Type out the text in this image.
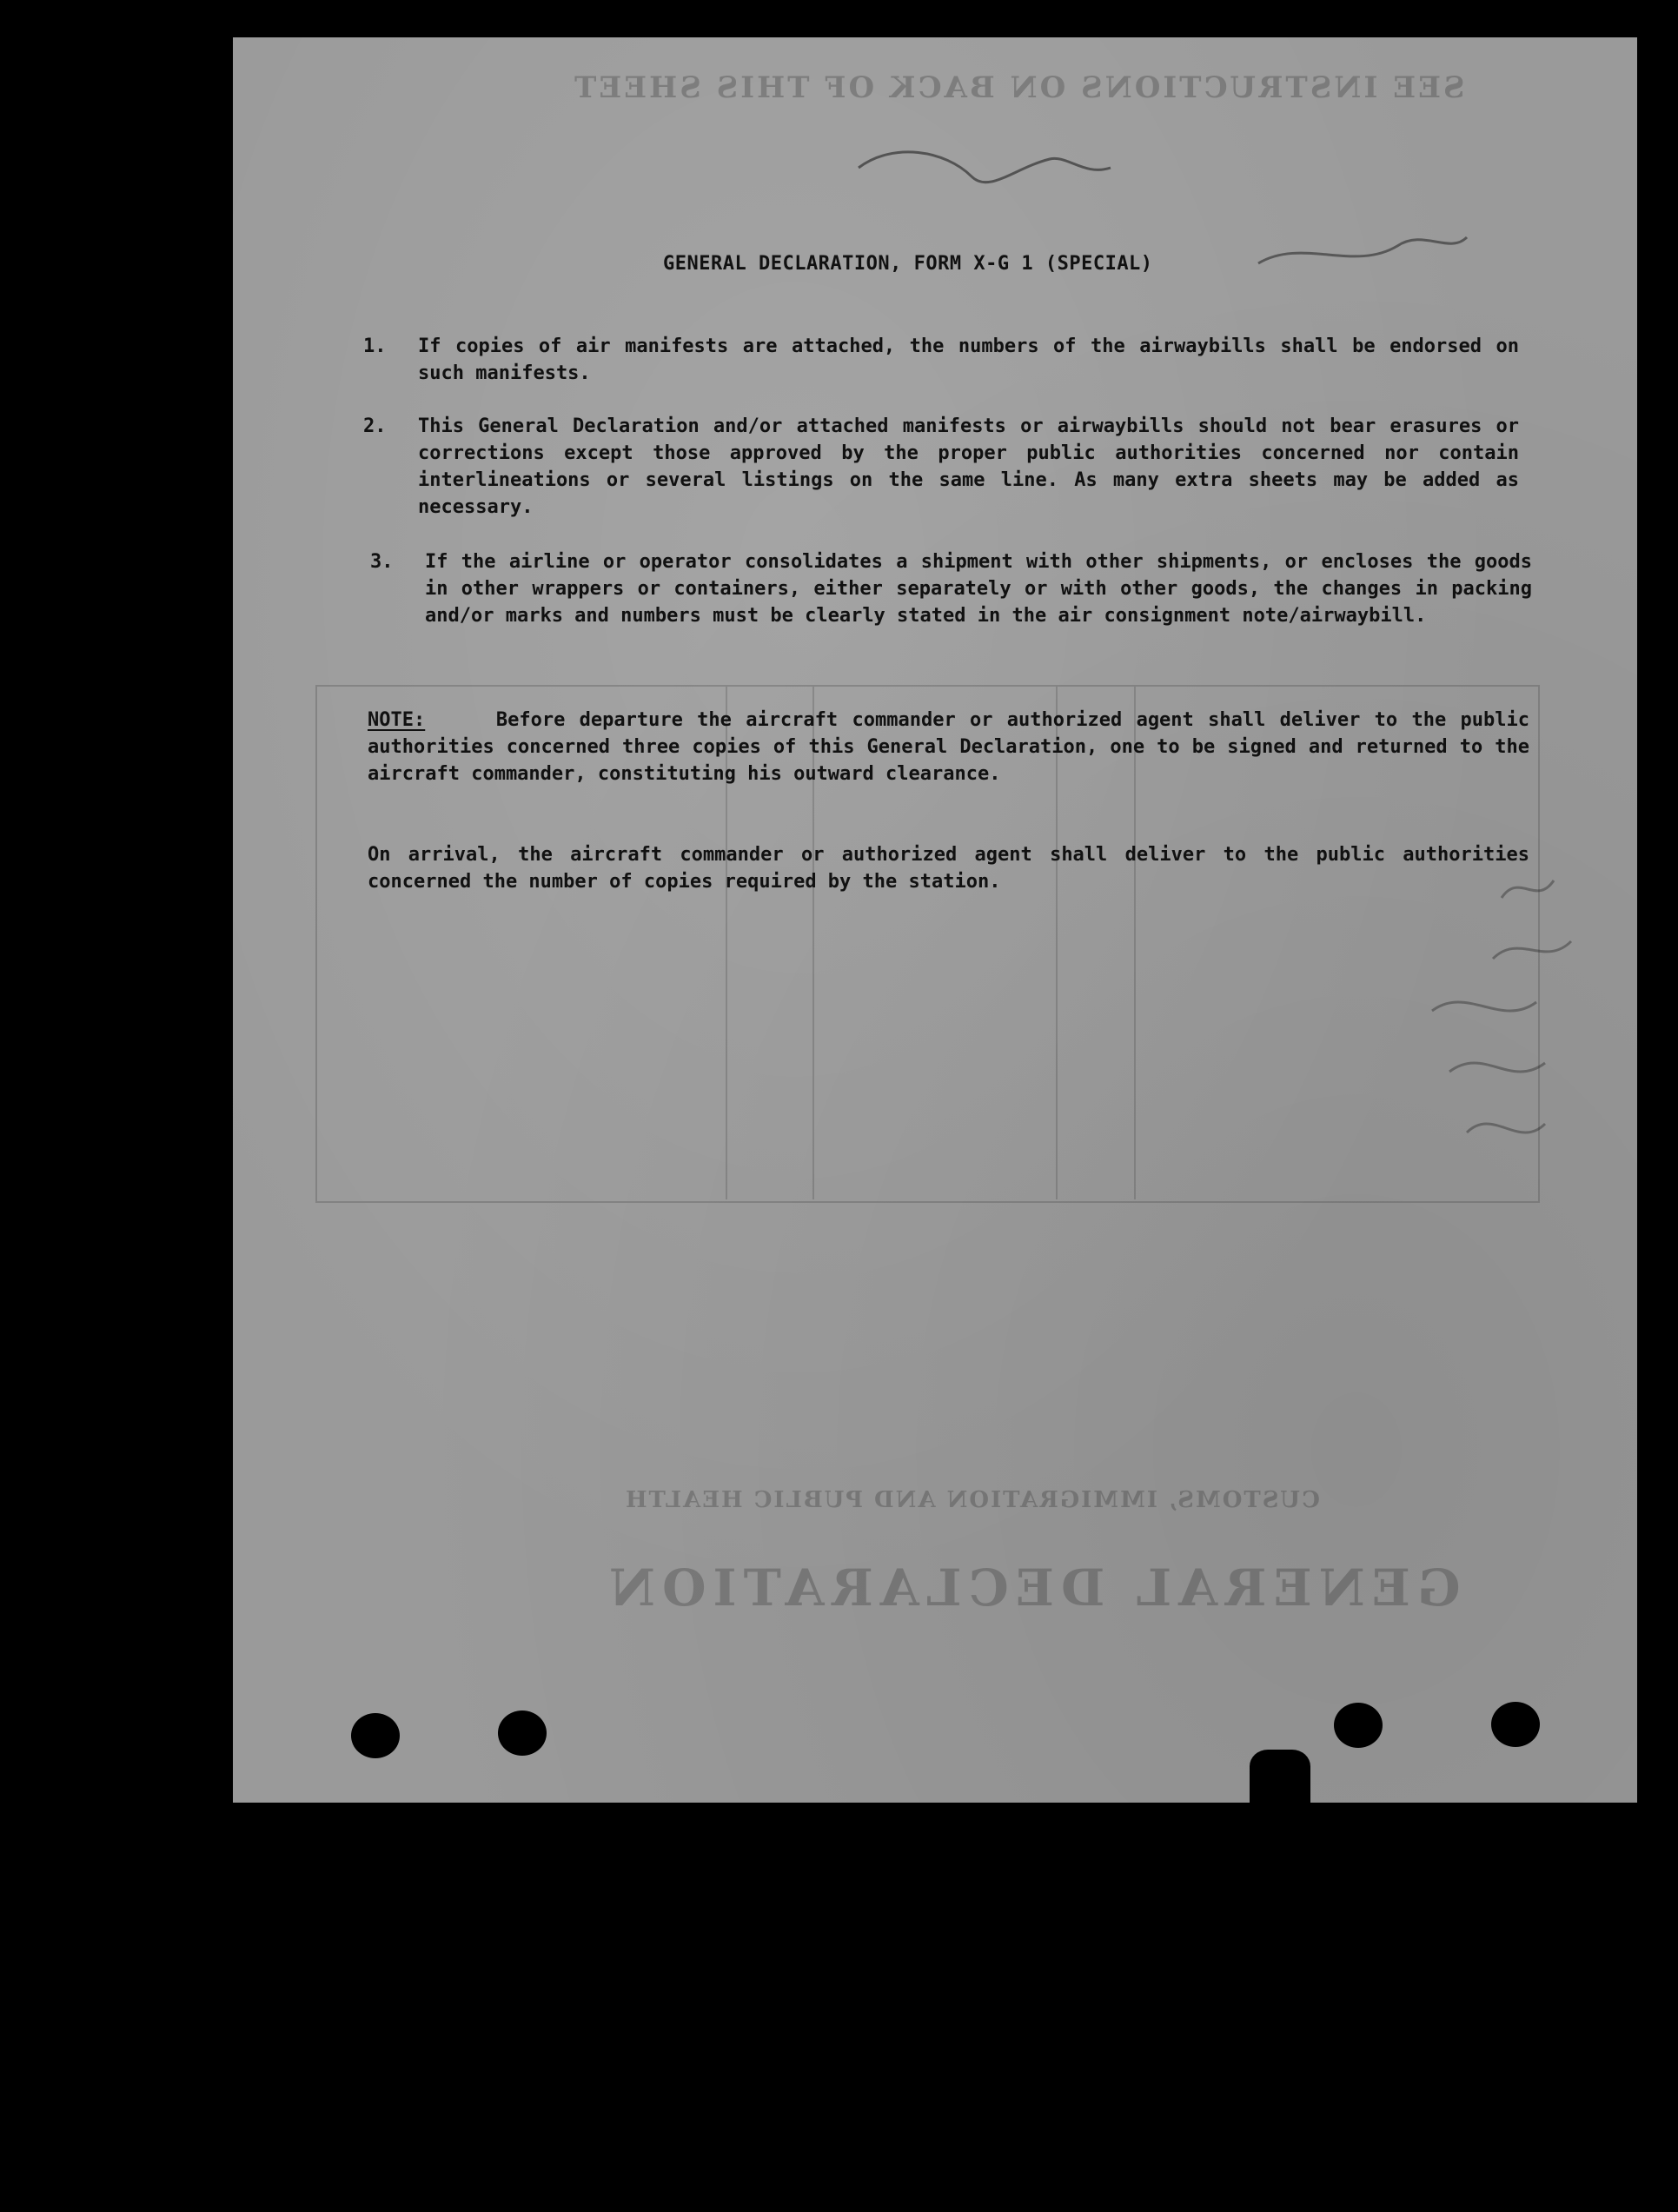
SEE INSTRUCTIONS ON BACK OF THIS SHEET
CUSTOMS, IMMIGRATION AND PUBLIC HEALTH
GENERAL DECLARATION
GENERAL DECLARATION, FORM X-G 1 (SPECIAL)
1. If copies of air manifests are attached, the numbers of the airwaybills shall be endorsed on such manifests.
2. This General Declaration and/or attached manifests or airwaybills should not bear erasures or corrections except those approved by the proper public authorities concerned nor contain interlineations or several listings on the same line. As many extra sheets may be added as necessary.
3. If the airline or operator consolidates a shipment with other shipments, or encloses the goods in other wrappers or containers, either separately or with other goods, the changes in packing and/or marks and numbers must be clearly stated in the air consignment note/airwaybill.
NOTE:	Before departure the aircraft commander or authorized agent shall deliver to the public authorities concerned three copies of this General Declaration, one to be signed and returned to the aircraft commander, constituting his outward clearance.
On arrival, the aircraft commander or authorized agent shall deliver to the public authorities concerned the number of copies required by the station.
